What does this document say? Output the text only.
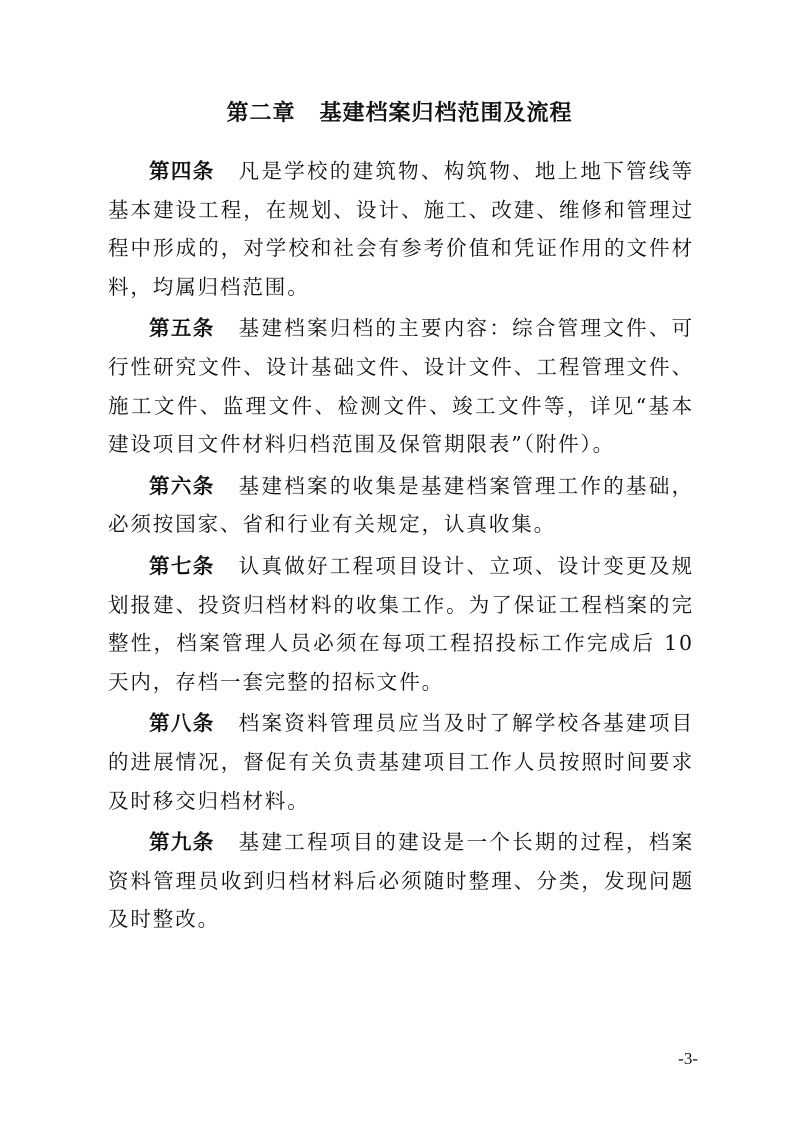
第二章 基建档案归档范围及流程

第四条 凡是学校的建筑物、构筑物、地上地下管线等基本建设工程，在规划、设计、施工、改建、维修和管理过程中形成的，对学校和社会有参考价值和凭证作用的文件材料，均属归档范围。

第五条 基建档案归档的主要内容：综合管理文件、可行性研究文件、设计基础文件、设计文件、工程管理文件、施工文件、监理文件、检测文件、竣工文件等，详见“基本建设项目文件材料归档范围及保管期限表”（附件）。

第六条 基建档案的收集是基建档案管理工作的基础，必须按国家、省和行业有关规定，认真收集。

第七条 认真做好工程项目设计、立项、设计变更及规划报建、投资归档材料的收集工作。为了保证工程档案的完整性，档案管理人员必须在每项工程招投标工作完成后 10 天内，存档一套完整的招标文件。

第八条 档案资料管理员应当及时了解学校各基建项目的进展情况，督促有关负责基建项目工作人员按照时间要求及时移交归档材料。

第九条 基建工程项目的建设是一个长期的过程，档案资料管理员收到归档材料后必须随时整理、分类，发现问题及时整改。

-3-
